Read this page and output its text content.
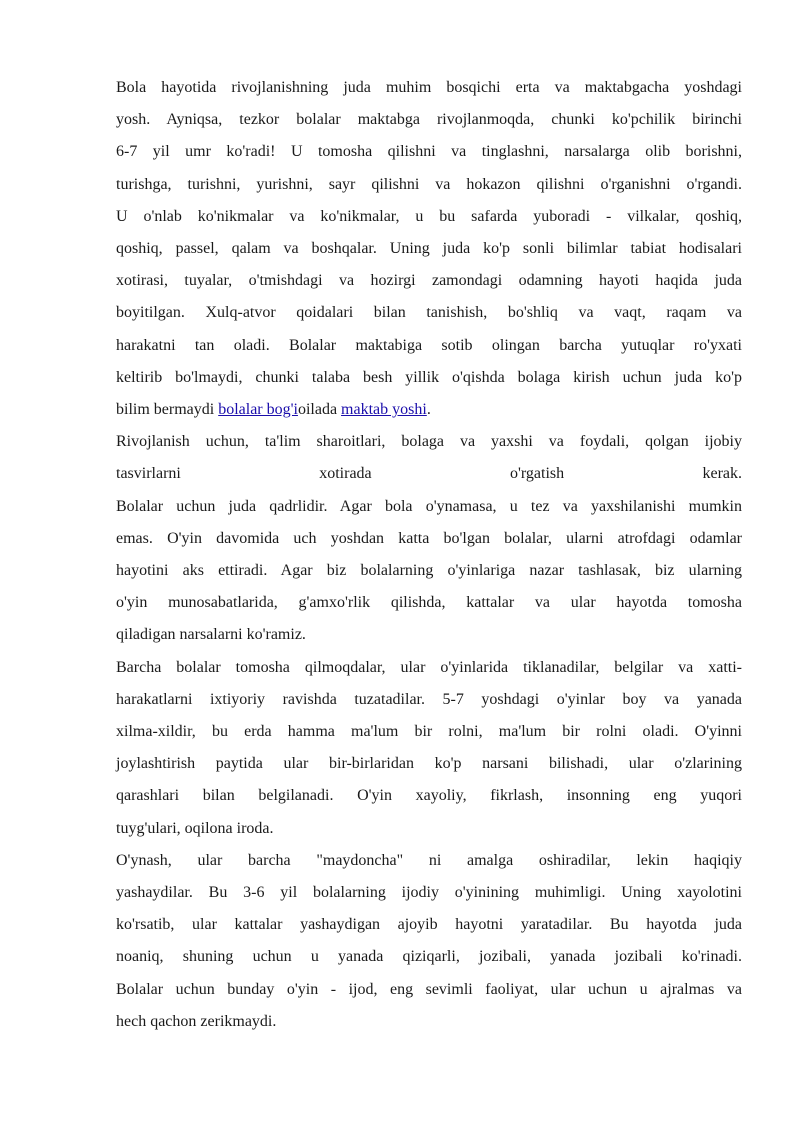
Bola hayotida rivojlanishning juda muhim bosqichi erta va maktabgacha yoshdagi
yosh. Ayniqsa, tezkor bolalar maktabga rivojlanmoqda, chunki ko'pchilik birinchi
6-7 yil umr ko'radi! U tomosha qilishni va tinglashni, narsalarga olib borishni,
turishga, turishni, yurishni, sayr qilishni va hokazon qilishni o'rganishni o'rgandi.
U o'nlab ko'nikmalar va ko'nikmalar, u bu safarda yuboradi - vilkalar, qoshiq,
qoshiq, passel, qalam va boshqalar. Uning juda ko'p sonli bilimlar tabiat hodisalari
xotirasi, tuyalar, o'tmishdagi va hozirgi zamondagi odamning hayoti haqida juda
boyitilgan. Xulq-atvor qoidalari bilan tanishish, bo'shliq va vaqt, raqam va
harakatni tan oladi. Bolalar maktabiga sotib olingan barcha yutuqlar ro'yxati
keltirib bo'lmaydi, chunki talaba besh yillik o'qishda bolaga kirish uchun juda ko'p
bilim bermaydi bolalar bog'ioilada maktab yoshi.

Rivojlanish uchun, ta'lim sharoitlari, bolaga va yaxshi va foydali, qolgan ijobiy
tasvirlarni	xotirada	o'rgatish	kerak.

Bolalar uchun juda qadrlidir. Agar bola o'ynamasa, u tez va yaxshilanishi mumkin
emas. O'yin davomida uch yoshdan katta bo'lgan bolalar, ularni atrofdagi odamlar
hayotini aks ettiradi. Agar biz bolalarning o'yinlariga nazar tashlasak, biz ularning
o'yin munosabatlarida, g'amxo'rlik qilishda, kattalar va ular hayotda tomosha
qiladigan narsalarni ko'ramiz.

Barcha bolalar tomosha qilmoqdalar, ular o'yinlarida tiklanadilar, belgilar va xatti-
harakatlarni ixtiyoriy ravishda tuzatadilar. 5-7 yoshdagi o'yinlar boy va yanada
xilma-xildir, bu erda hamma ma'lum bir rolni, ma'lum bir rolni oladi. O'yinni
joylashtirish paytida ular bir-birlaridan ko'p narsani bilishadi, ular o'zlarining
qarashlari bilan belgilanadi. O'yin xayoliy, fikrlash, insonning eng yuqori
tuyg'ulari, oqilona iroda.

O'ynash, ular barcha "maydoncha" ni amalga oshiradilar, lekin haqiqiy
yashaydilar. Bu 3-6 yil bolalarning ijodiy o'yinining muhimligi. Uning xayolotini
ko'rsatib, ular kattalar yashaydigan ajoyib hayotni yaratadilar. Bu hayotda juda
noaniq, shuning uchun u yanada qiziqarli, jozibali, yanada jozibali ko'rinadi.
Bolalar uchun bunday o'yin - ijod, eng sevimli faoliyat, ular uchun u ajralmas va
hech qachon zerikmaydi.
